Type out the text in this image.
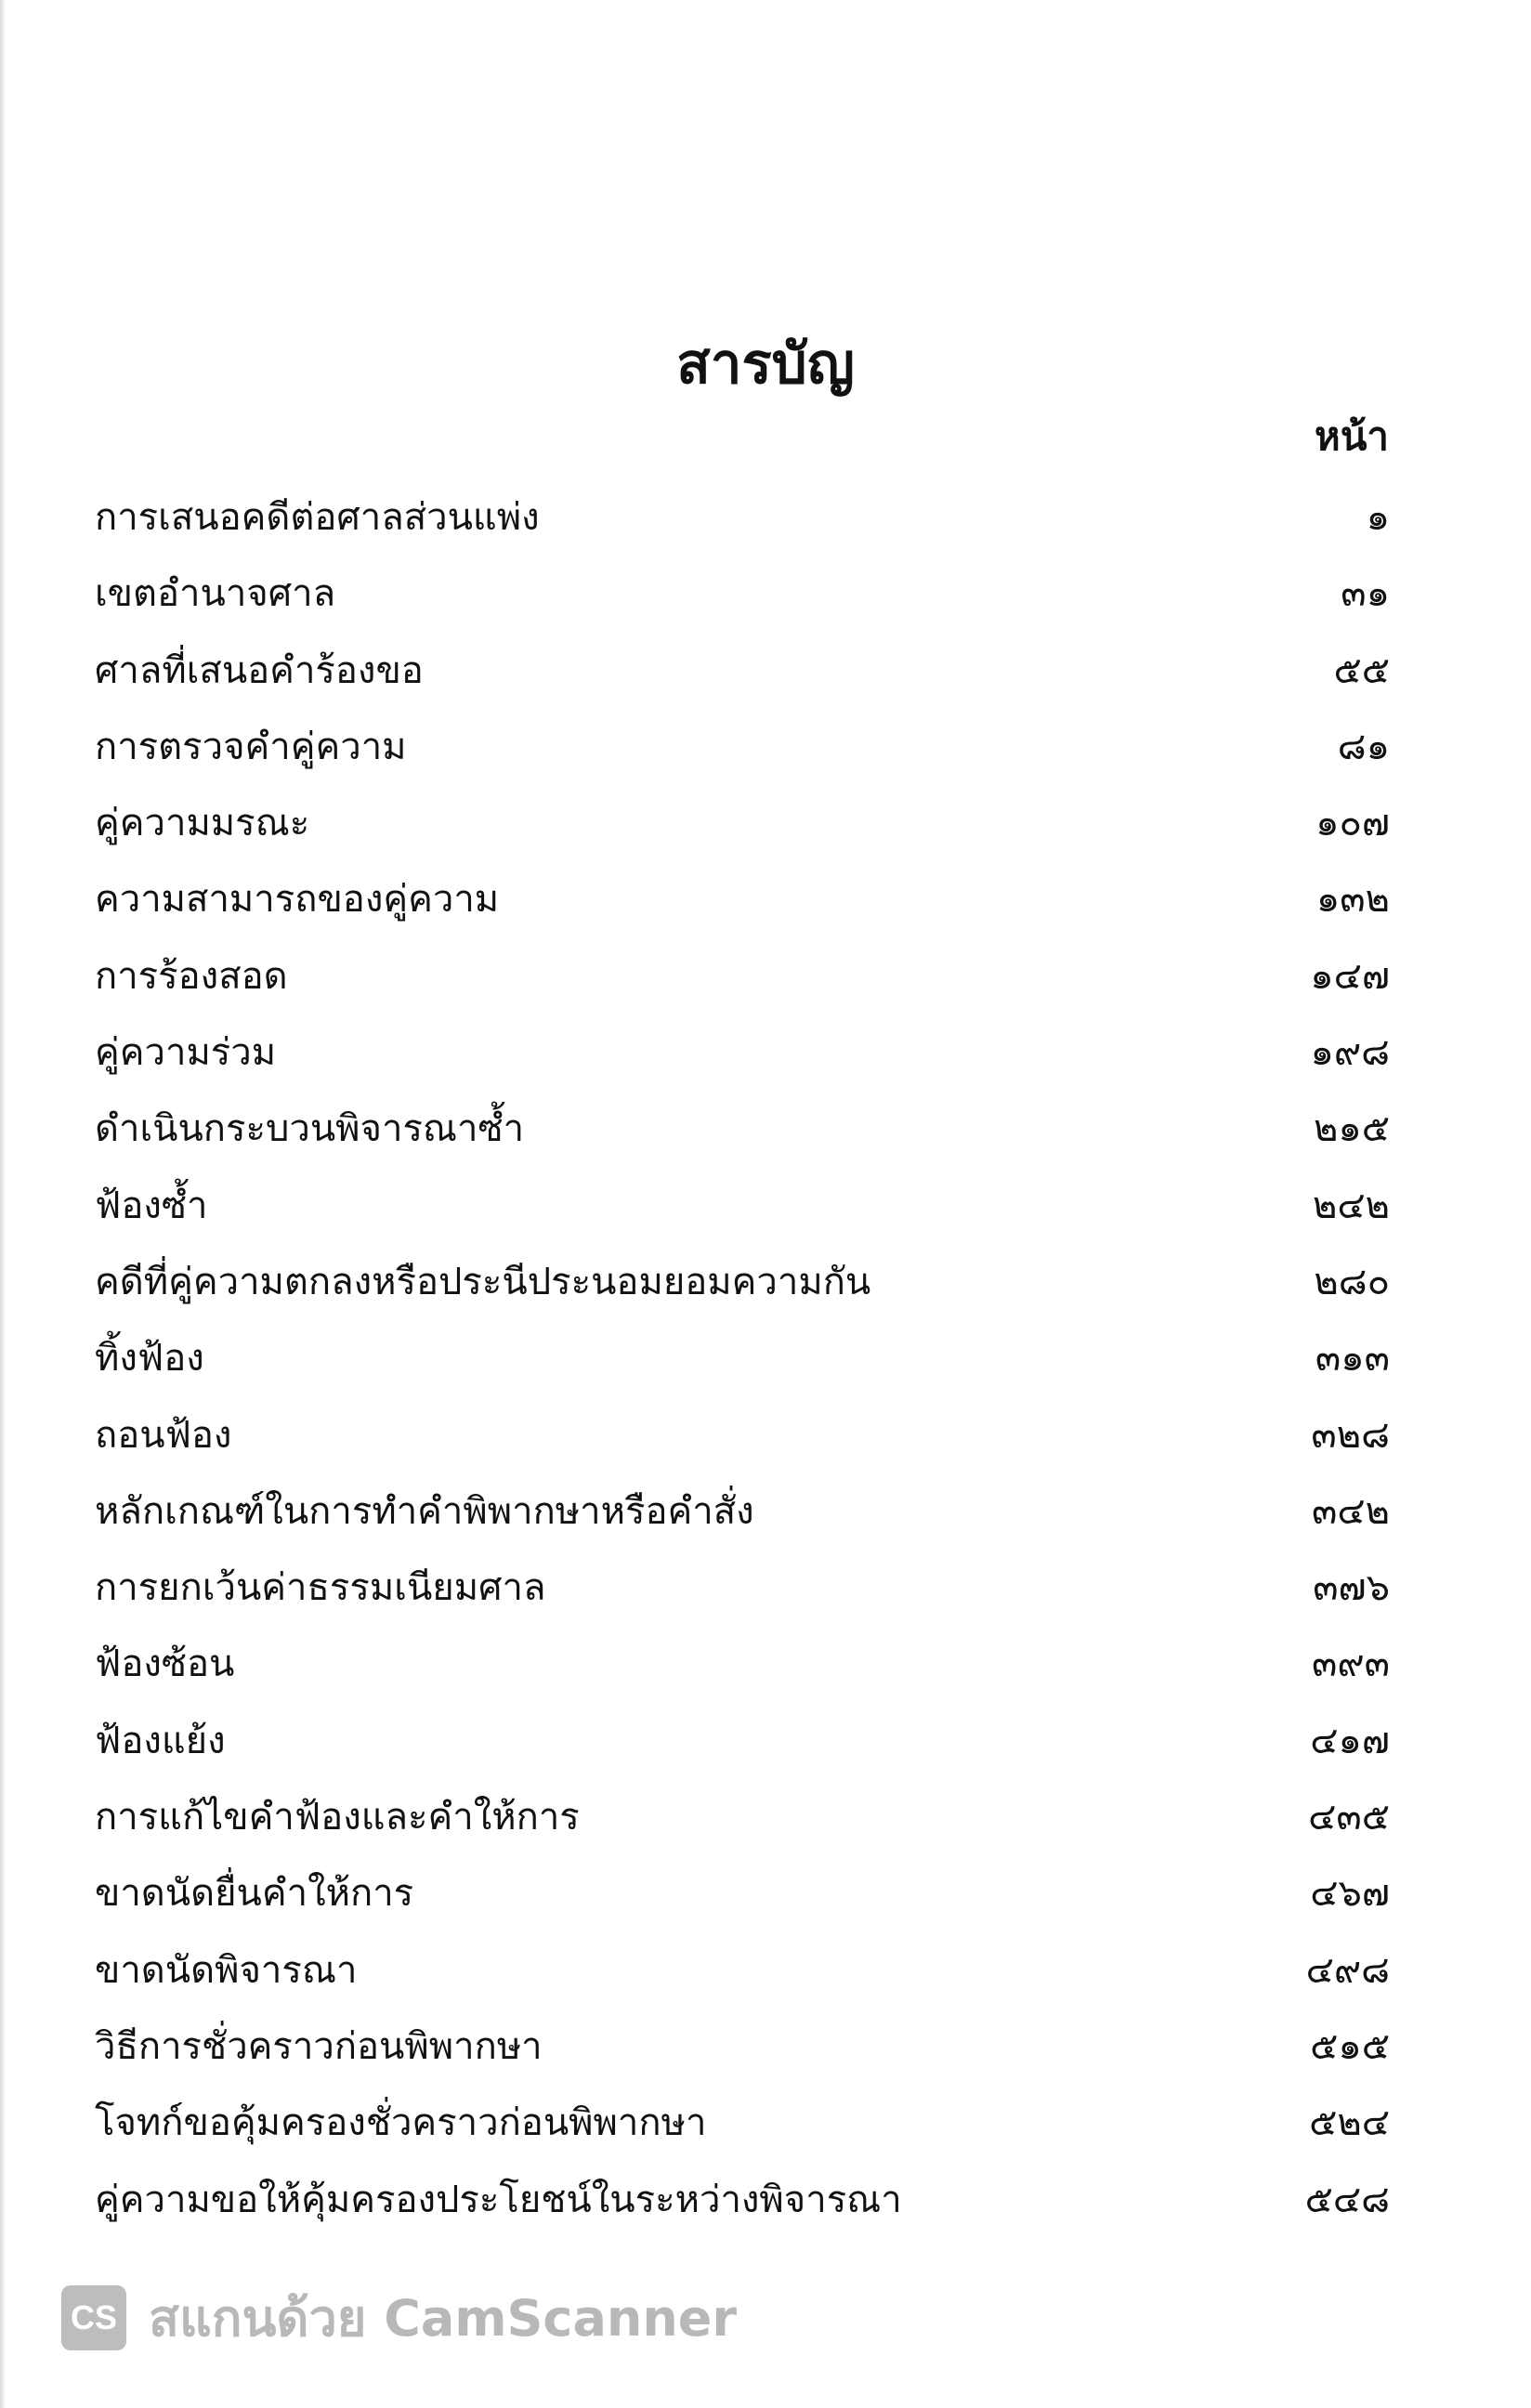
สารบัญ
หน้า
การเสนอคดีต่อศาลส่วนแพ่ง	๑
เขตอำนาจศาล	๓๑
ศาลที่เสนอคำร้องขอ	๕๕
การตรวจคำคู่ความ	๘๑
คู่ความมรณะ	๑๐๗
ความสามารถของคู่ความ	๑๓๒
การร้องสอด	๑๔๗
คู่ความร่วม	๑๙๘
ดำเนินกระบวนพิจารณาซ้ำ	๒๑๕
ฟ้องซ้ำ	๒๔๒
คดีที่คู่ความตกลงหรือประนีประนอมยอมความกัน	๒๘๐
ทิ้งฟ้อง	๓๑๓
ถอนฟ้อง	๓๒๘
หลักเกณฑ์ในการทำคำพิพากษาหรือคำสั่ง	๓๔๒
การยกเว้นค่าธรรมเนียมศาล	๓๗๖
ฟ้องซ้อน	๓๙๓
ฟ้องแย้ง	๔๑๗
การแก้ไขคำฟ้องและคำให้การ	๔๓๕
ขาดนัดยื่นคำให้การ	๔๖๗
ขาดนัดพิจารณา	๔๙๘
วิธีการชั่วคราวก่อนพิพากษา	๕๑๕
โจทก์ขอคุ้มครองชั่วคราวก่อนพิพากษา	๕๒๔
คู่ความขอให้คุ้มครองประโยชน์ในระหว่างพิจารณา	๕๔๘
CS สแกนด้วย CamScanner
